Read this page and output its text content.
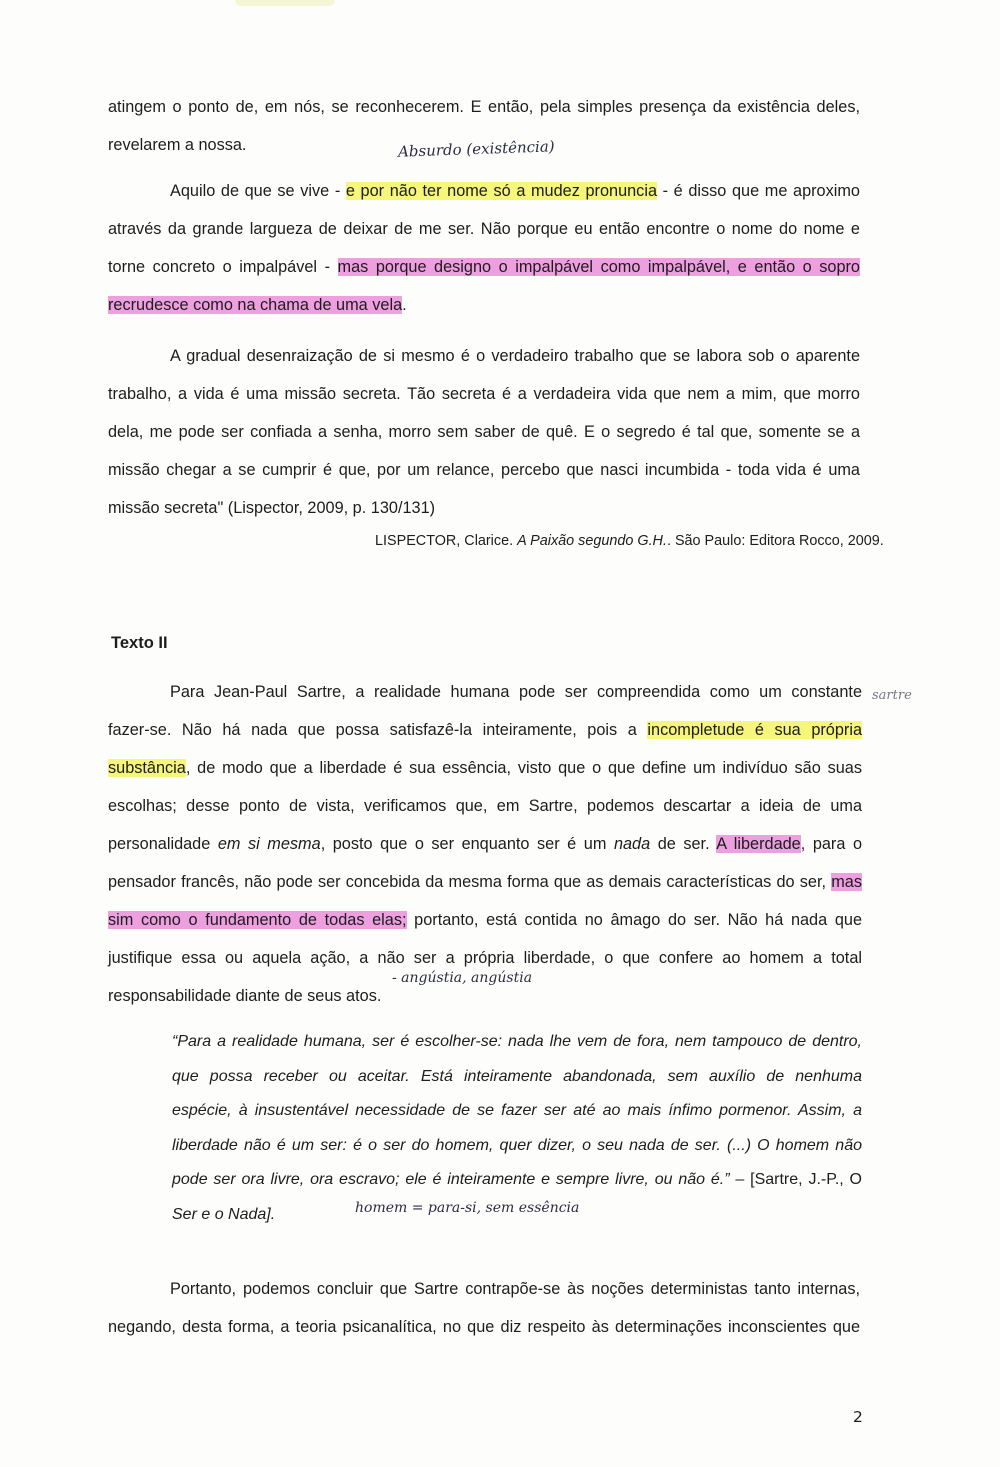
atingem o ponto de, em nós, se reconhecerem. E então, pela simples presença da existência deles,
revelarem a nossa.	Absurdo (existência)
Aquilo de que se vive - e por não ter nome só a mudez pronuncia - é disso que me aproximo
através da grande largueza de deixar de me ser. Não porque eu então encontre o nome do nome e
torne concreto o impalpável - mas porque designo o impalpável como impalpável, e então o sopro
recrudesce como na chama de uma vela.
A gradual desenraização de si mesmo é o verdadeiro trabalho que se labora sob o aparente
trabalho, a vida é uma missão secreta. Tão secreta é a verdadeira vida que nem a mim, que morro
dela, me pode ser confiada a senha, morro sem saber de quê. E o segredo é tal que, somente se a
missão chegar a se cumprir é que, por um relance, percebo que nasci incumbida - toda vida é uma
missão secreta" (Lispector, 2009, p. 130/131)
LISPECTOR, Clarice. A Paixão segundo G.H.. São Paulo: Editora Rocco, 2009.
Texto II
sartre
Para Jean-Paul Sartre, a realidade humana pode ser compreendida como um constante
fazer-se. Não há nada que possa satisfazê-la inteiramente, pois a incompletude é sua própria
substância, de modo que a liberdade é sua essência, visto que o que define um indivíduo são suas
escolhas; desse ponto de vista, verificamos que, em Sartre, podemos descartar a ideia de uma
personalidade em si mesma, posto que o ser enquanto ser é um nada de ser. A liberdade, para o
pensador francês, não pode ser concebida da mesma forma que as demais características do ser, mas
sim como o fundamento de todas elas; portanto, está contida no âmago do ser. Não há nada que
justifique essa ou aquela ação, a não ser a própria liberdade, o que confere ao homem a total
responsabilidade diante de seus atos.
- angústia, angústia
“Para a realidade humana, ser é escolher-se: nada lhe vem de fora, nem tampouco de dentro,
que possa receber ou aceitar. Está inteiramente abandonada, sem auxílio de nenhuma
espécie, à insustentável necessidade de se fazer ser até ao mais ínfimo pormenor. Assim, a
liberdade não é um ser: é o ser do homem, quer dizer, o seu nada de ser. (...) O homem não
pode ser ora livre, ora escravo; ele é inteiramente e sempre livre, ou não é.” – [Sartre, J.-P., O
Ser e o Nada].	homem = para-si, sem essência
Portanto, podemos concluir que Sartre contrapõe-se às noções deterministas tanto internas,
negando, desta forma, a teoria psicanalítica, no que diz respeito às determinações inconscientes que
2
